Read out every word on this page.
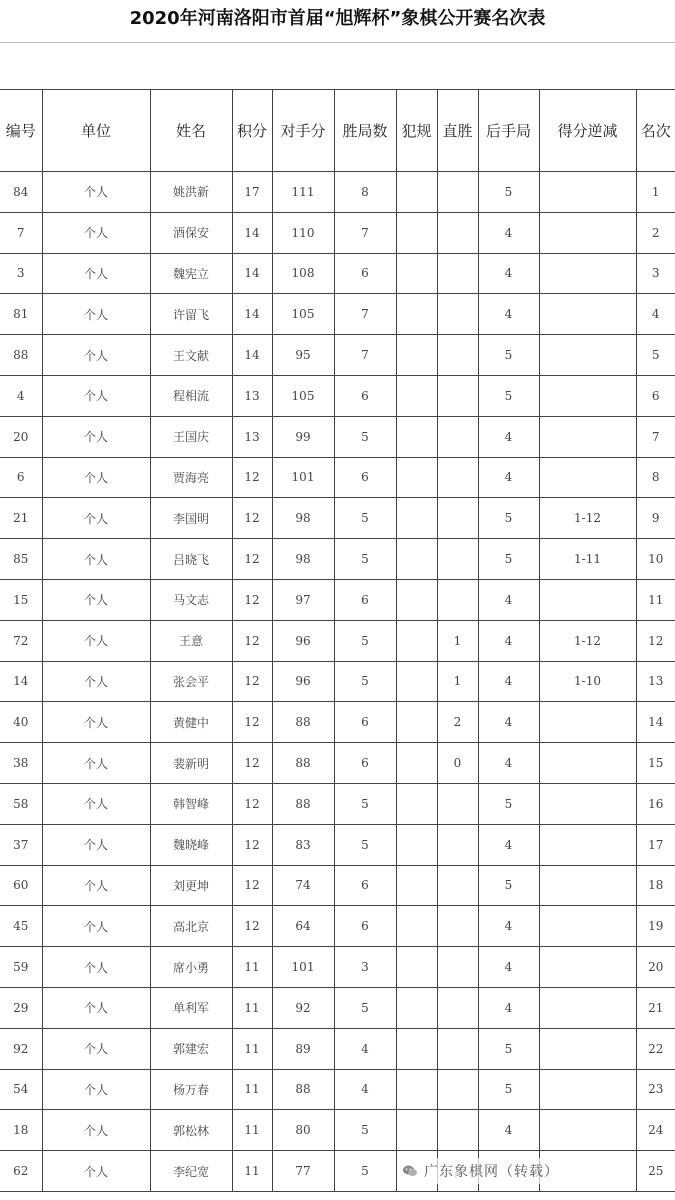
2020年河南洛阳市首届“旭辉杯”象棋公开赛名次表
编号	单位	姓名	积分	对手分	胜局数	犯规	直胜	后手局	得分逆减	名次
84	个人	姚洪新	17	111	8			5		1
7	个人	酒保安	14	110	7			4		2
3	个人	魏宪立	14	108	6			4		3
81	个人	许留飞	14	105	7			4		4
88	个人	王文献	14	95	7			5		5
4	个人	程相流	13	105	6			5		6
20	个人	王国庆	13	99	5			4		7
6	个人	贾海亮	12	101	6			4		8
21	个人	李国明	12	98	5			5	1-12	9
85	个人	吕晓飞	12	98	5			5	1-11	10
15	个人	马文志	12	97	6			4		11
72	个人	王意	12	96	5		1	4	1-12	12
14	个人	张会平	12	96	5		1	4	1-10	13
40	个人	黄健中	12	88	6		2	4		14
38	个人	裴新明	12	88	6		0	4		15
58	个人	韩智峰	12	88	5			5		16
37	个人	魏晓峰	12	83	5			4		17
60	个人	刘更坤	12	74	6			5		18
45	个人	高北京	12	64	6			4		19
59	个人	席小勇	11	101	3			4		20
29	个人	单利军	11	92	5			4		21
92	个人	郭建宏	11	89	4			5		22
54	个人	杨万春	11	88	4			5		23
18	个人	郭松林	11	80	5			4		24
62	个人	李纪宽	11	77	5					25
广东象棋网（转载）
